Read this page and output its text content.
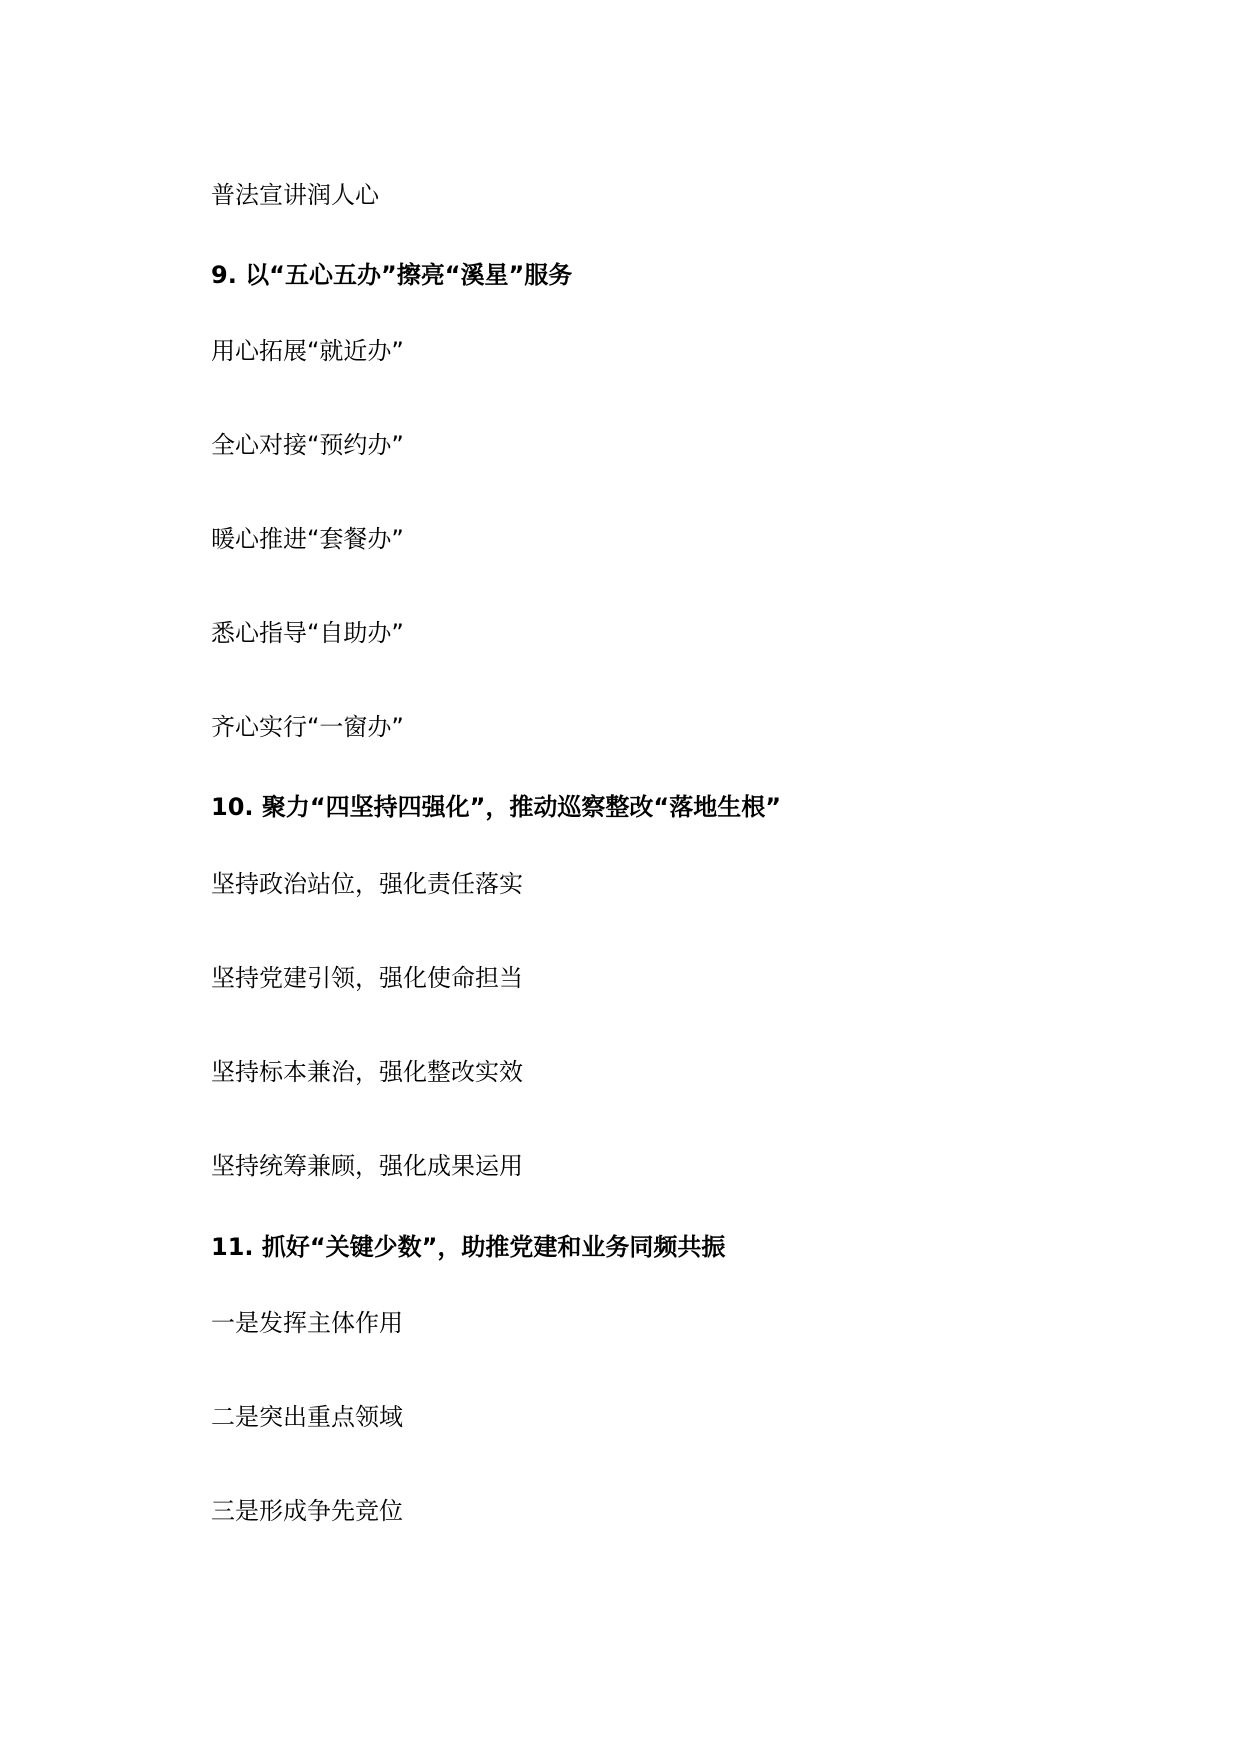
普法宣讲润人心
9. 以“五心五办”擦亮“溪星”服务
用心拓展“就近办”
全心对接“预约办”
暖心推进“套餐办”
悉心指导“自助办”
齐心实行“一窗办”
10. 聚力“四坚持四强化”，推动巡察整改“落地生根”
坚持政治站位，强化责任落实
坚持党建引领，强化使命担当
坚持标本兼治，强化整改实效
坚持统筹兼顾，强化成果运用
11. 抓好“关键少数”，助推党建和业务同频共振
一是发挥主体作用
二是突出重点领域
三是形成争先竞位
